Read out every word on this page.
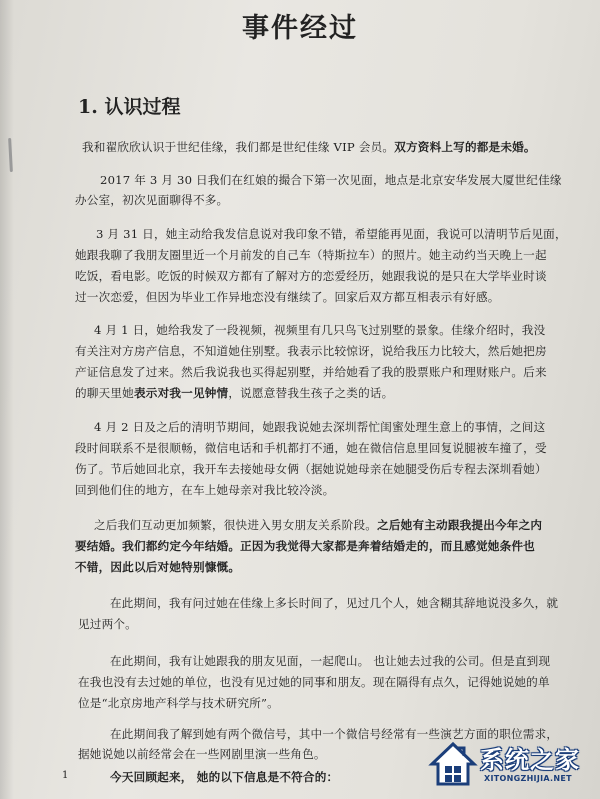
事件经过
1. 认识过程
我和翟欣欣认识于世纪佳缘，我们都是世纪佳缘 VIP 会员。双方资料上写的都是未婚。
2017 年 3 月 30 日我们在红娘的撮合下第一次见面，地点是北京安华发展大厦世纪佳缘
办公室，初次见面聊得不多。
3 月 31 日，她主动给我发信息说对我印象不错，希望能再见面，我说可以清明节后见面，
她跟我聊了我朋友圈里近一个月前发的自己车（特斯拉车）的照片。她主动约当天晚上一起
吃饭，看电影。吃饭的时候双方都有了解对方的恋爱经历，她跟我说的是只在大学毕业时谈
过一次恋爱，但因为毕业工作异地恋没有继续了。回家后双方都互相表示有好感。
4 月 1 日，她给我发了一段视频，视频里有几只鸟飞过别墅的景象。佳缘介绍时，我没
有关注对方房产信息，不知道她住别墅。我表示比较惊讶，说给我压力比较大，然后她把房
产证信息发了过来。然后我说我也买得起别墅，并给她看了我的股票账户和理财账户。后来
的聊天里她表示对我一见钟情，说愿意替我生孩子之类的话。
4 月 2 日及之后的清明节期间，她跟我说她去深圳帮忙闺蜜处理生意上的事情，之间这
段时间联系不是很顺畅，微信电话和手机都打不通，她在微信信息里回复说腿被车撞了，受
伤了。节后她回北京，我开车去接她母女俩（据她说她母亲在她腿受伤后专程去深圳看她）
回到他们住的地方，在车上她母亲对我比较冷淡。
之后我们互动更加频繁，很快进入男女朋友关系阶段。之后她有主动跟我提出今年之内
要结婚。我们都约定今年结婚。正因为我觉得大家都是奔着结婚走的，而且感觉她条件也
不错，因此以后对她特别慷慨。
在此期间，我有问过她在佳缘上多长时间了，见过几个人，她含糊其辞地说没多久，就
见过两个。
在此期间，我有让她跟我的朋友见面，一起爬山。 也让她去过我的公司。但是直到现
在我也没有去过她的单位，也没有见过她的同事和朋友。现在隔得有点久，记得她说她的单
位是“北京房地产科学与技术研究所”。
在此期间我了解到她有两个微信号，其中一个微信号经常有一些演艺方面的职位需求，
据她说她以前经常会在一些网剧里演一些角色。
今天回顾起来， 她的以下信息是不符合的：
1
系统之家
XITONGZHIJIA.NET
